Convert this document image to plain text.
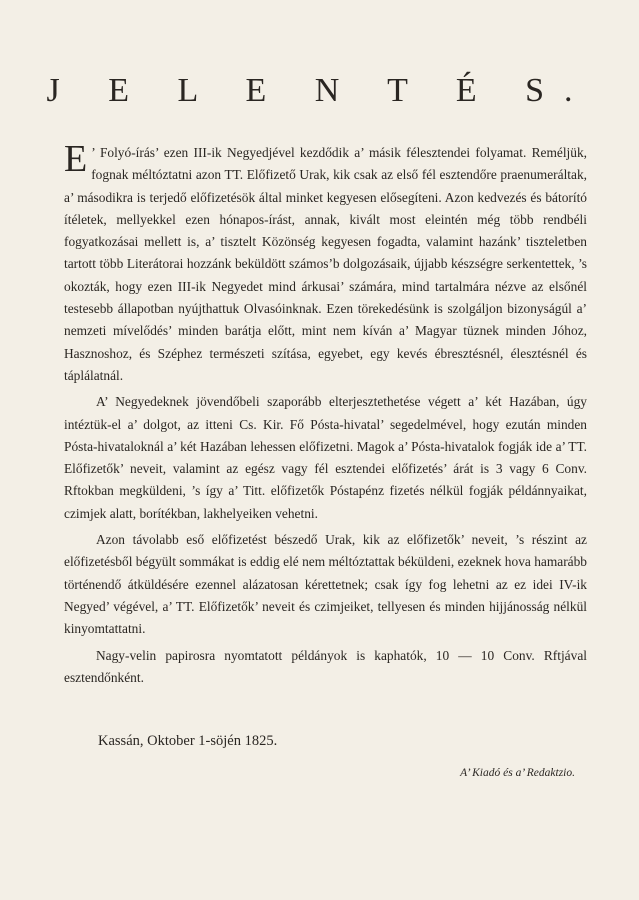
J E L E N T É S.

E ’ Folyó-írás’ ezen III-ik Negyedjével kezdődik a’ másik félesztendei folyamat. Reméljük, fognak méltóztatni azon TT. Előfizető Urak, kik csak az első fél esztendőre praenumeráltak, a’ másodikra is terjedő előfizetésök által minket kegyesen elősegíteni. Azon kedvezés és bátorító ítéletek, mellyekkel ezen hónapos-írást, annak, kivált most eleintén még több rendbéli fogyatkozásai mellett is, a’ tisztelt Közönség kegyesen fogadta, valamint hazánk’ tiszteletben tartott több Literátorai hozzánk beküldött számos’b dolgozásaik, újjabb készségre serkentettek, ’s okozták, hogy ezen III-ik Negyedet mind árkusai’ számára, mind tartalmára nézve az elsőnél testesebb állapotban nyújthattuk Olvasóinknak. Ezen törekedésünk is szolgáljon bizonyságúl a’ nemzeti mívelődés’ minden barátja előtt, mint nem kíván a’ Magyar tüznek minden Jóhoz, Hasznoshoz, és Széphez természeti szítása, egyebet, egy kevés ébresztésnél, élesztésnél és táplálatnál.

A’ Negyedeknek jövendőbeli szaporább elterjesztethetése végett a’ két Hazában, úgy intéztük-el a’ dolgot, az itteni Cs. Kir. Fő Pósta-hivatal’ segedelmével, hogy ezután minden Pósta-hivataloknál a’ két Hazában lehessen előfizetni. Magok a’ Pósta-hivatalok fogják ide a’ TT. Előfizetők’ neveit, valamint az egész vagy fél esztendei előfizetés’ árát is 3 vagy 6 Conv. Rftokban megküldeni, ’s így a’ Titt. előfizetők Póstapénz fizetés nélkül fogják példánnyaikat, czimjek alatt, borítékban, lakhelyeiken vehetni.

Azon távolabb eső előfizetést bészedő Urak, kik az előfizetők’ neveit, ’s részint az előfizetésből bégyült sommákat is eddig elé nem méltóztattak béküldeni, ezeknek hova hamarább történendő átküldésére ezennel alázatosan kérettetnek; csak így fog lehetni az ez idei IV-ik Negyed’ végével, a’ TT. Előfizetők’ neveit és czimjeiket, tellyesen és minden hijjánosság nélkül kinyomtattatni.

Nagy-velin papirosra nyomtatott példányok is kaphatók, 10 — 10 Conv. Rftjával esztendőnként.

Kassán, Oktober 1-söjén 1825.
A’ Kiadó és a’ Redaktzio.
